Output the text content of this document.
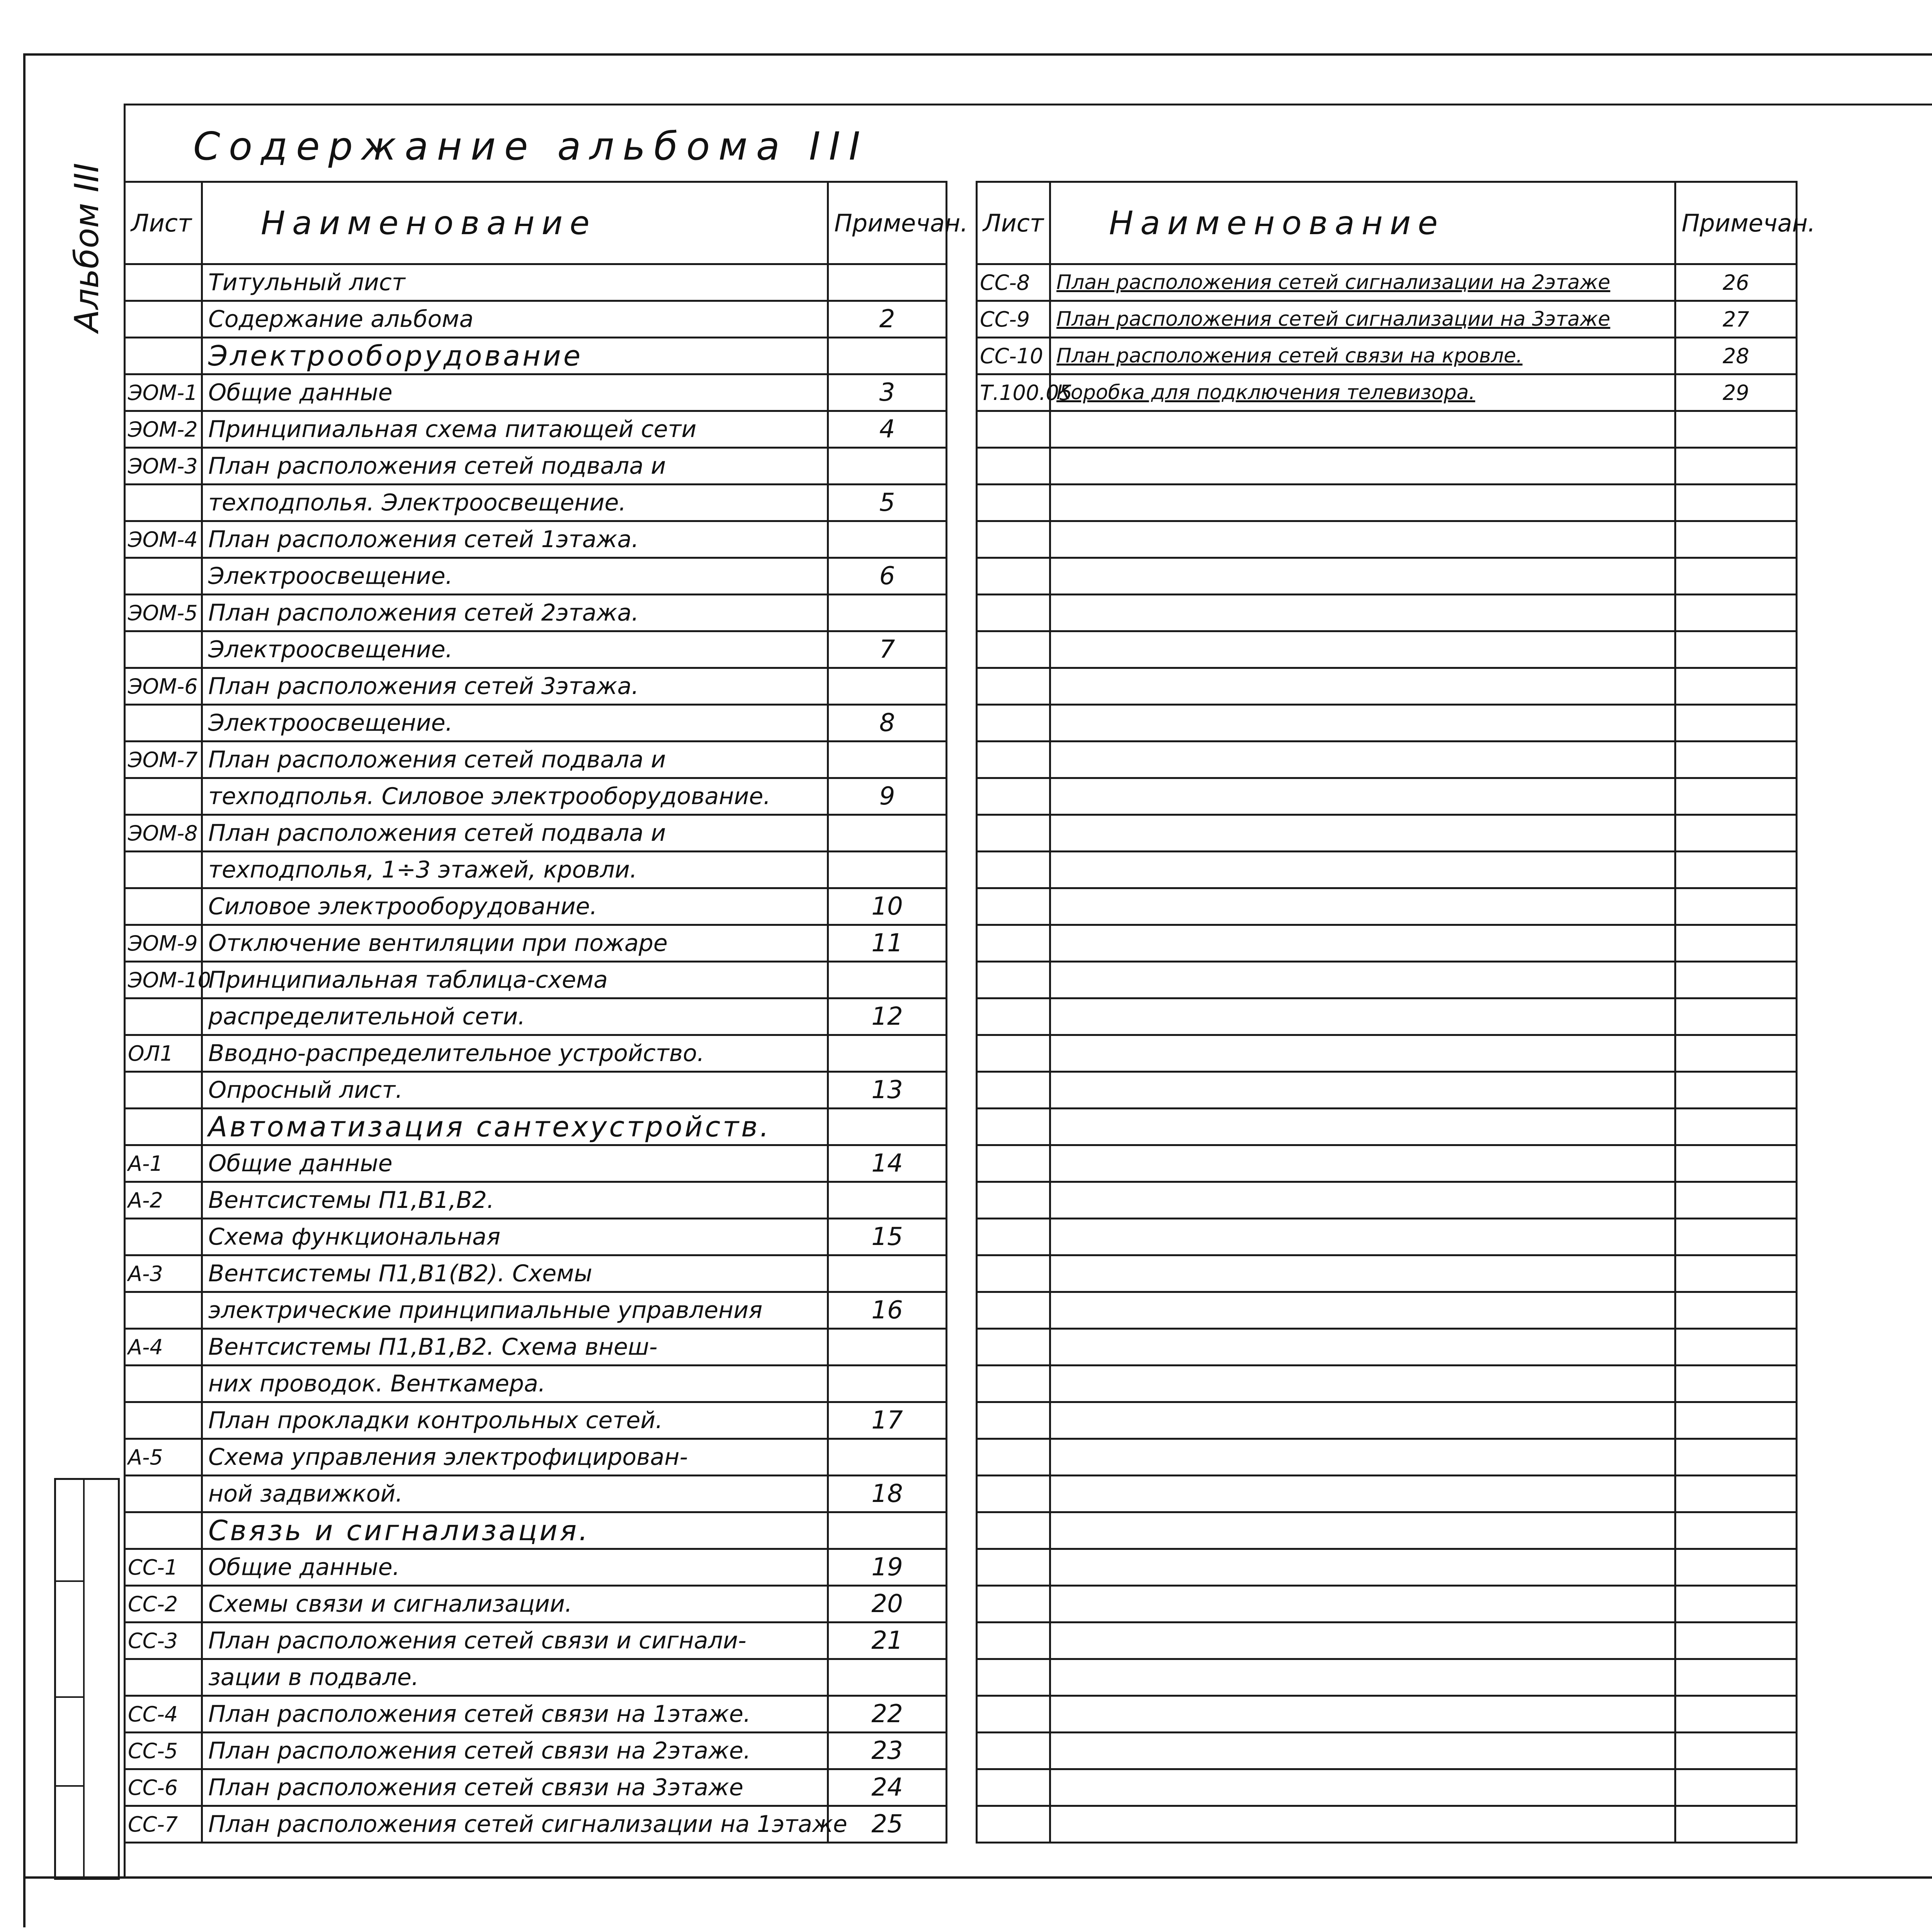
Содержание альбома III
Альбом III Лист	Наименование	Примечан.
	Титульный лист	
	Содержание альбома	2
	Электрооборудование	
ЭОМ-1	Общие данные	3
ЭОМ-2	Принципиальная схема питающей сети	4
ЭОМ-3	План расположения сетей подвала и	
	техподполья. Электроосвещение.	5
ЭОМ-4	План расположения сетей 1этажа.	
	Электроосвещение.	6
ЭОМ-5	План расположения сетей 2этажа.	
	Электроосвещение.	7
ЭОМ-6	План расположения сетей 3этажа.	
	Электроосвещение.	8
ЭОМ-7	План расположения сетей подвала и	
	техподполья. Силовое электрооборудование.	9
ЭОМ-8	План расположения сетей подвала и	
	техподполья, 1÷3 этажей, кровли.	
	Силовое электрооборудование.	10
ЭОМ-9	Отключение вентиляции при пожаре	11
ЭОМ-10	Принципиальная таблица-схема	
	распределительной сети.	12
ОЛ1	Вводно-распределительное устройство.	
	Опросный лист.	13
	Автоматизация сантехустройств.	
А-1	Общие данные	14
А-2	Вентсистемы П1,В1,В2.	
	Схема функциональная	15
А-3	Вентсистемы П1,В1(В2). Схемы	
	электрические принципиальные управления	16
А-4	Вентсистемы П1,В1,В2. Схема внеш-	
	них проводок. Венткамера.	
	План прокладки контрольных сетей.	17
А-5	Схема управления электрофицирован-	
	ной задвижкой.	18
	Связь и сигнализация.	
СС-1	Общие данные.	19
СС-2	Схемы связи и сигнализации.	20
СС-3	План расположения сетей связи и сигнали-	21
	зации в подвале.	
СС-4	План расположения сетей связи на 1этаже.	22
СС-5	План расположения сетей связи на 2этаже.	23
СС-6	План расположения сетей связи на 3этаже	24
СС-7	План расположения сетей сигнализации на 1этаже	25
Лист	Наименование	Примечан.
СС-8	План расположения сетей сигнализации на 2этаже	26
СС-9	План расположения сетей сигнализации на 3этаже	27
СС-10	План расположения сетей связи на кровле.	28
Т.100.05	Коробка для подключения телевизора.	29
